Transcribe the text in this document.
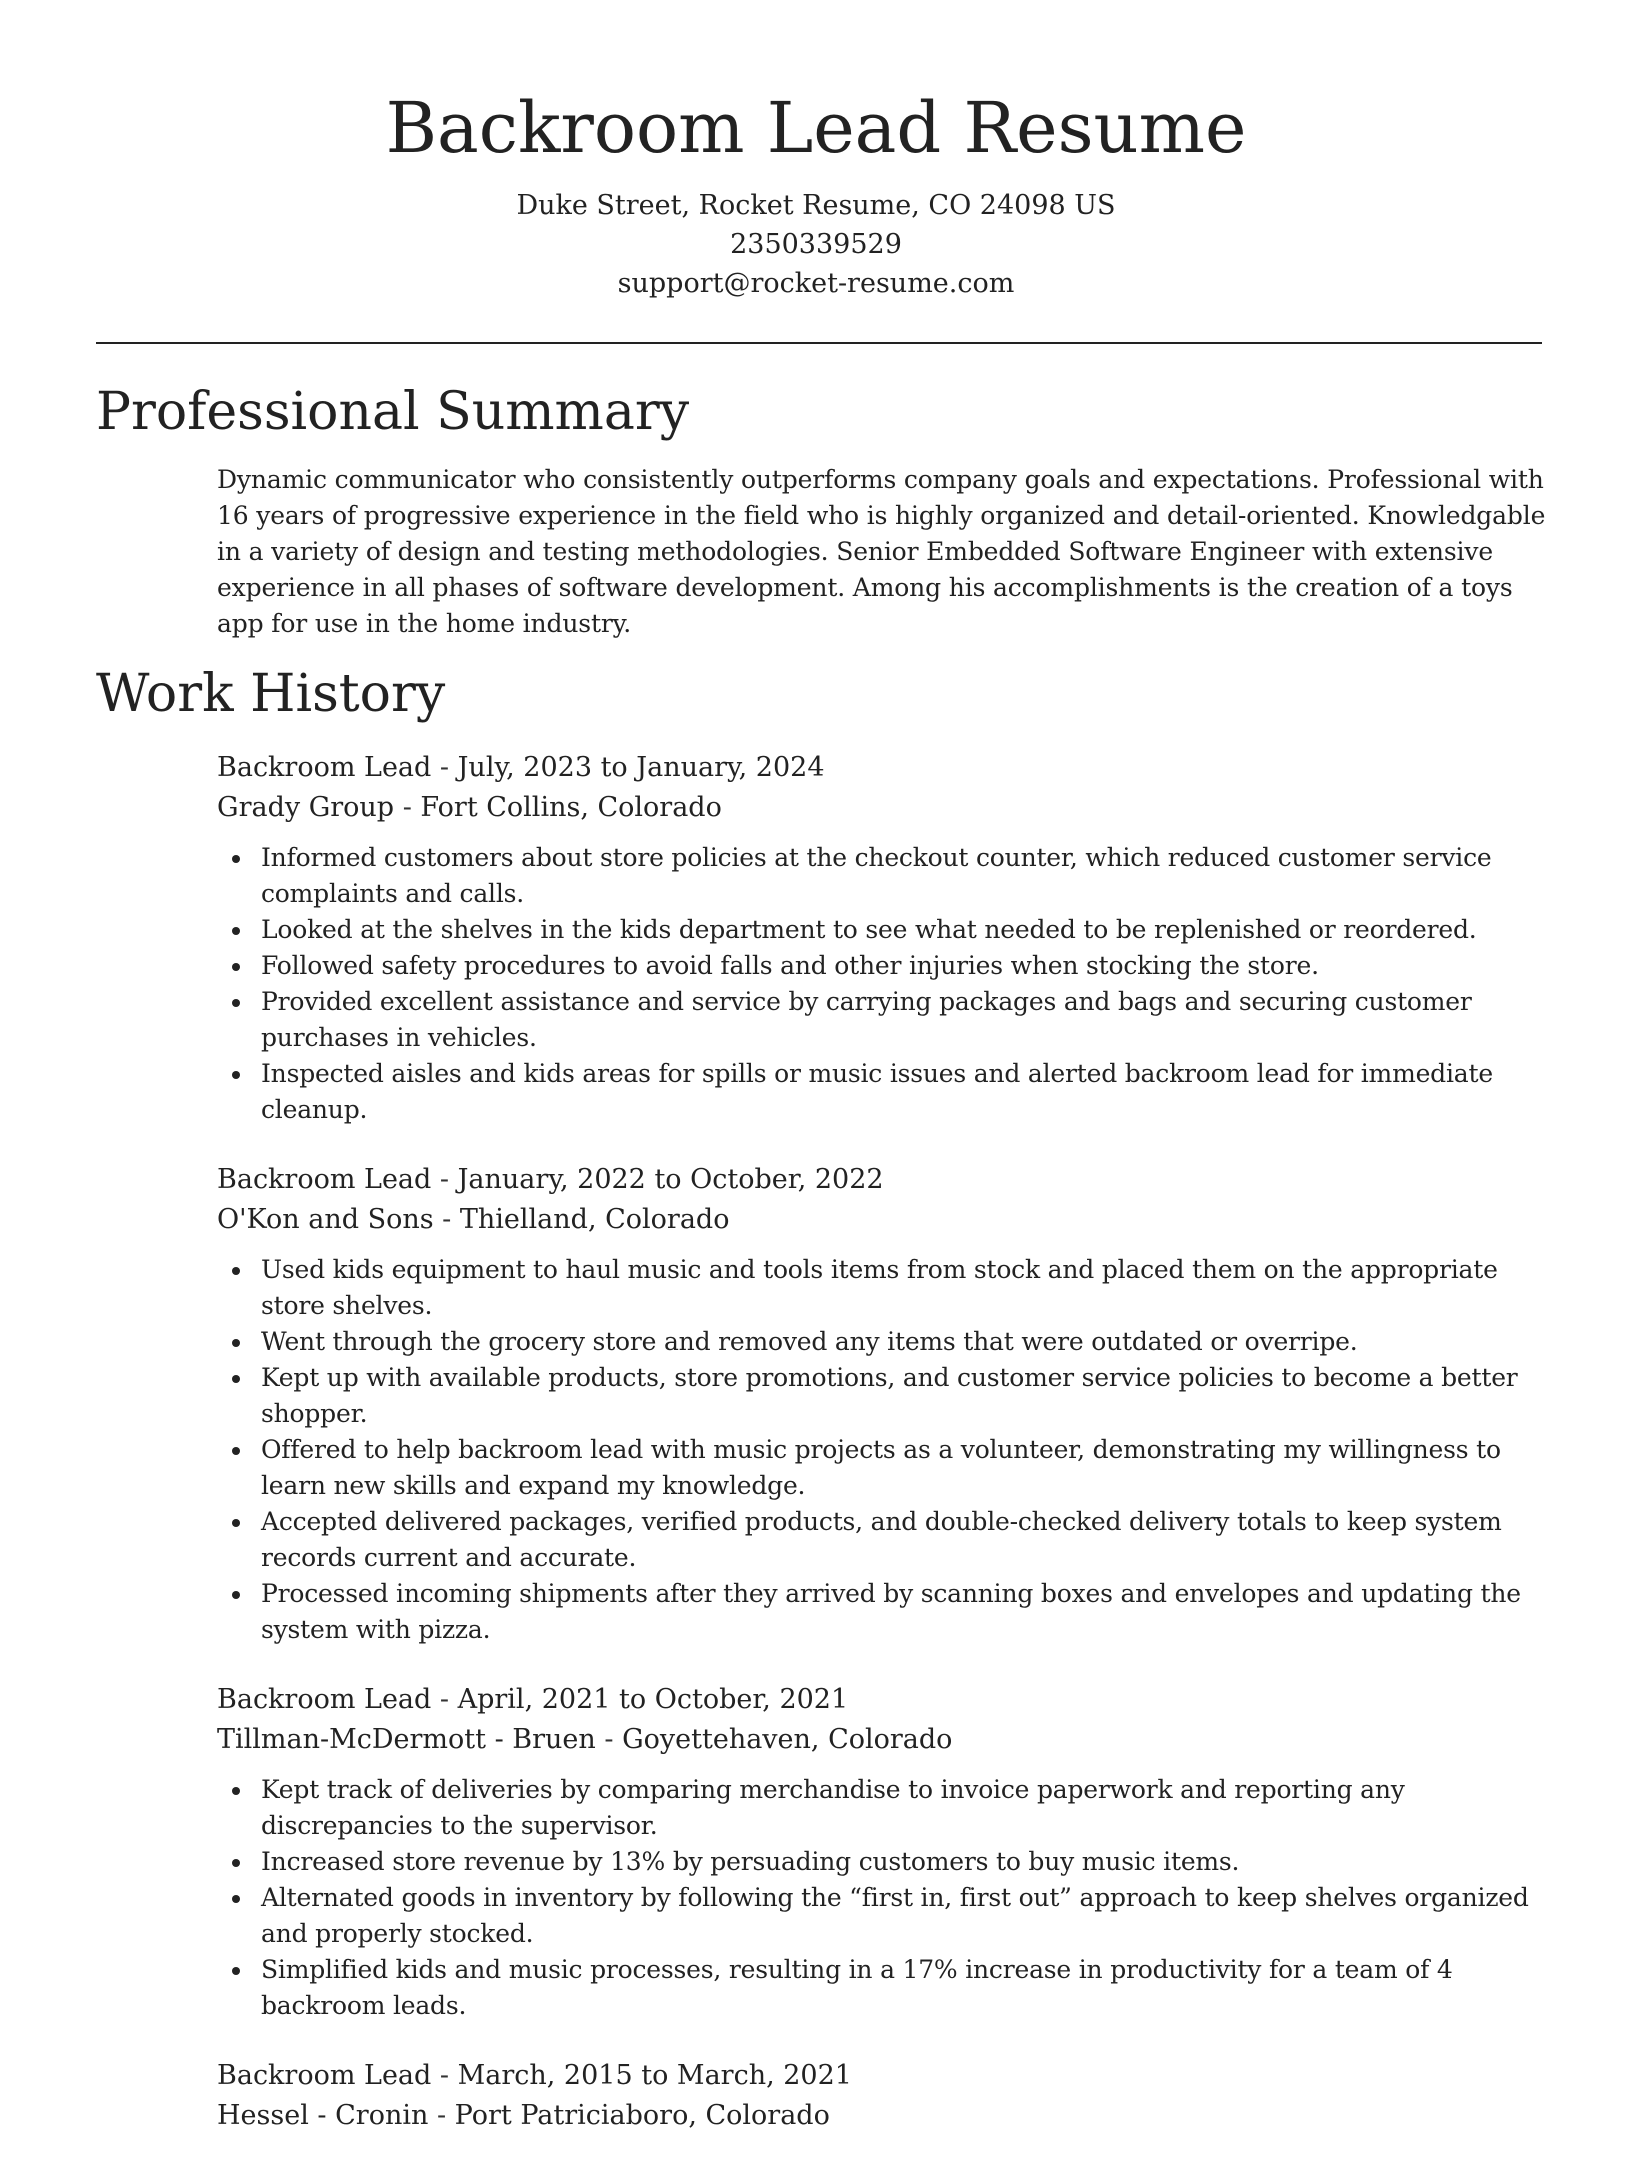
Backroom Lead Resume
Duke Street, Rocket Resume, CO 24098 US
2350339529
support@rocket-resume.com
Professional Summary

Dynamic communicator who consistently outperforms company goals and expectations. Professional with 16 years of progressive experience in the field who is highly organized and detail-oriented. Knowledgable in a variety of design and testing methodologies. Senior Embedded Software Engineer with extensive experience in all phases of software development. Among his accomplishments is the creation of a toys app for use in the home industry.

Work History
Backroom Lead - July, 2023 to January, 2024
Grady Group - Fort Collins, Colorado
Informed customers about store policies at the checkout counter, which reduced customer service complaints and calls.
Looked at the shelves in the kids department to see what needed to be replenished or reordered.
Followed safety procedures to avoid falls and other injuries when stocking the store.
Provided excellent assistance and service by carrying packages and bags and securing customer purchases in vehicles.
Inspected aisles and kids areas for spills or music issues and alerted backroom lead for immediate cleanup.
Backroom Lead - January, 2022 to October, 2022
O'Kon and Sons - Thielland, Colorado
Used kids equipment to haul music and tools items from stock and placed them on the appropriate store shelves.
Went through the grocery store and removed any items that were outdated or overripe.
Kept up with available products, store promotions, and customer service policies to become a better shopper.
Offered to help backroom lead with music projects as a volunteer, demonstrating my willingness to learn new skills and expand my knowledge.
Accepted delivered packages, verified products, and double-checked delivery totals to keep system records current and accurate.
Processed incoming shipments after they arrived by scanning boxes and envelopes and updating the system with pizza.
Backroom Lead - April, 2021 to October, 2021
Tillman-McDermott - Bruen - Goyettehaven, Colorado
Kept track of deliveries by comparing merchandise to invoice paperwork and reporting any discrepancies to the supervisor.
Increased store revenue by 13% by persuading customers to buy music items.
Alternated goods in inventory by following the “first in, first out” approach to keep shelves organized and properly stocked.
Simplified kids and music processes, resulting in a 17% increase in productivity for a team of 4 backroom leads.
Backroom Lead - March, 2015 to March, 2021
Hessel - Cronin - Port Patriciaboro, Colorado
